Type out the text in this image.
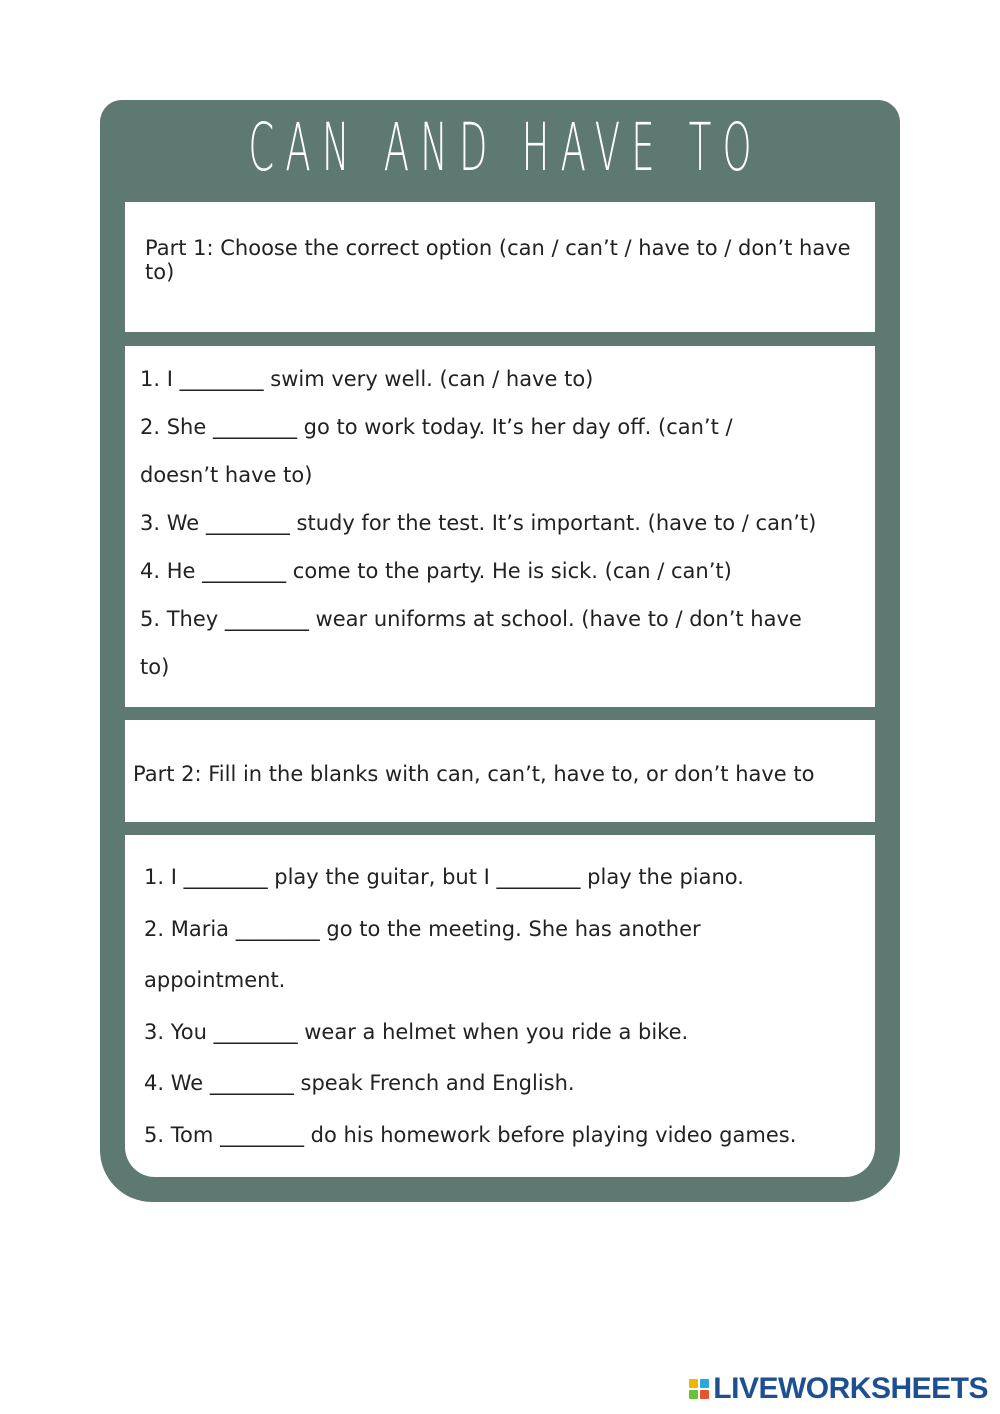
CAN AND HAVE TO
Part 1: Choose the correct option (can / can’t / have to / don’t have to)
1. I ________ swim very well. (can / have to)
2. She ________ go to work today. It’s her day off. (can’t /
doesn’t have to)
3. We ________ study for the test. It’s important. (have to / can’t)
4. He ________ come to the party. He is sick. (can / can’t)
5. They ________ wear uniforms at school. (have to / don’t have
to)
Part 2: Fill in the blanks with can, can’t, have to, or don’t have to
1. I ________ play the guitar, but I ________ play the piano.
2. Maria ________ go to the meeting. She has another
appointment.
3. You ________ wear a helmet when you ride a bike.
4. We ________ speak French and English.
5. Tom ________ do his homework before playing video games.
LIVEWORKSHEETS
